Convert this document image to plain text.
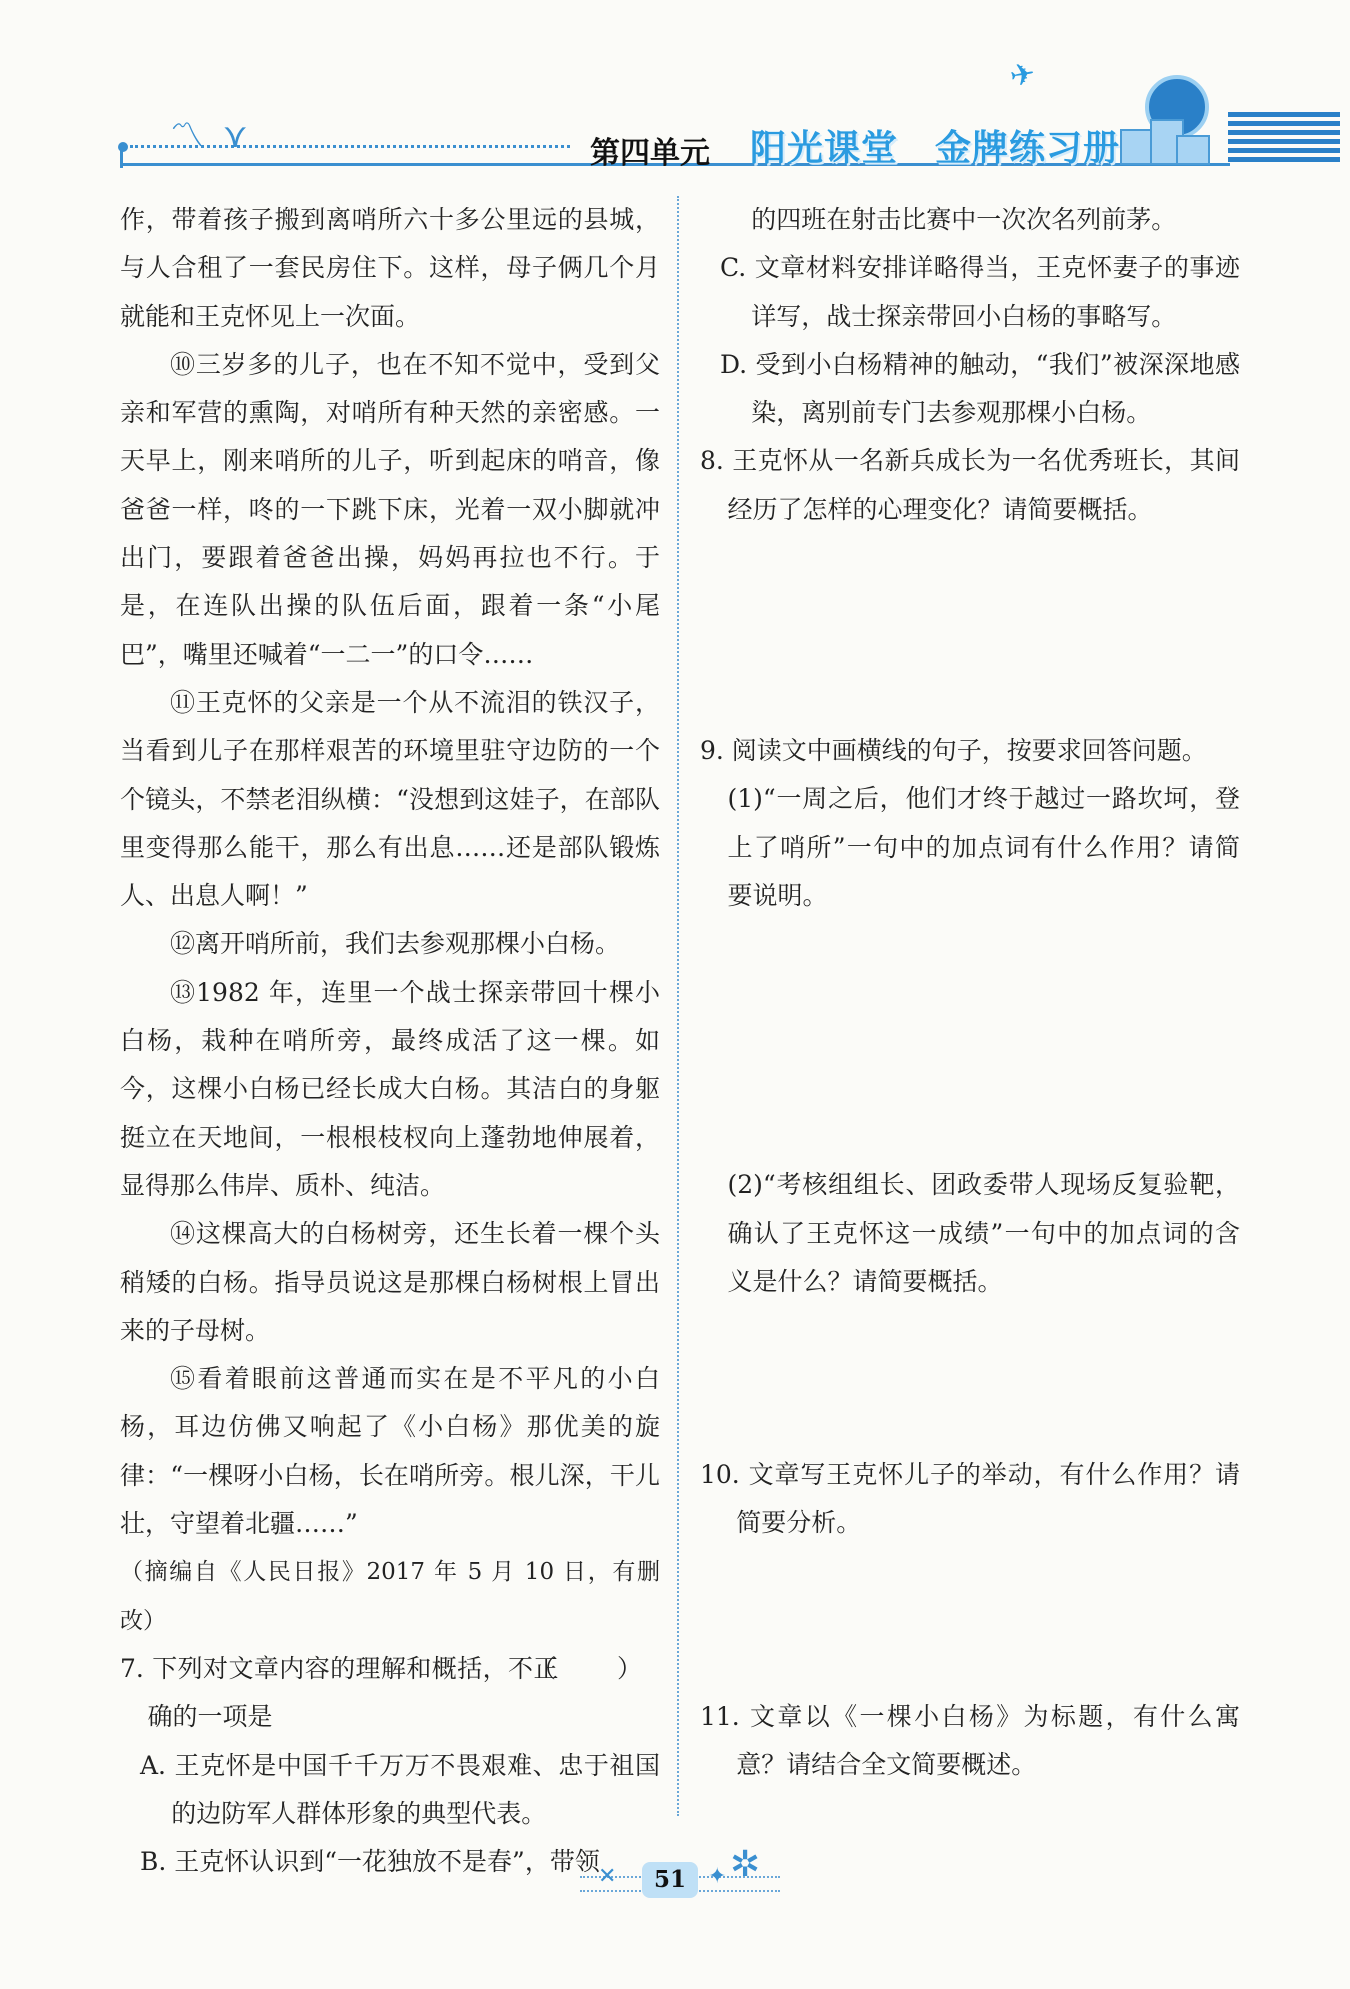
〽 ⋎	第四单元 阳光课堂　金牌练习册
✈

作，带着孩子搬到离哨所六十多公里远的县城，与人合租了一套民房住下。这样，母子俩几个月就能和王克怀见上一次面。

⑩三岁多的儿子，也在不知不觉中，受到父亲和军营的熏陶，对哨所有种天然的亲密感。一天早上，刚来哨所的儿子，听到起床的哨音，像爸爸一样，咚的一下跳下床，光着一双小脚就冲出门，要跟着爸爸出操，妈妈再拉也不行。于是，在连队出操的队伍后面，跟着一条“小尾巴”，嘴里还喊着“一二一”的口令……

⑪王克怀的父亲是一个从不流泪的铁汉子，当看到儿子在那样艰苦的环境里驻守边防的一个个镜头，不禁老泪纵横：“没想到这娃子，在部队里变得那么能干，那么有出息……还是部队锻炼人、出息人啊！”

⑫离开哨所前，我们去参观那棵小白杨。

⑬1982 年，连里一个战士探亲带回十棵小白杨，栽种在哨所旁，最终成活了这一棵。如今，这棵小白杨已经长成大白杨。其洁白的身躯挺立在天地间，一根根枝杈向上蓬勃地伸展着，显得那么伟岸、质朴、纯洁。

⑭这棵高大的白杨树旁，还生长着一棵个头稍矮的白杨。指导员说这是那棵白杨树根上冒出来的子母树。

⑮看着眼前这普通而实在是不平凡的小白杨，耳边仿佛又响起了《小白杨》那优美的旋律：“一棵呀小白杨，长在哨所旁。根儿深，干儿壮，守望着北疆……”

（摘编自《人民日报》2017 年 5 月 10 日，有删改）

（　）
7. 下列对文章内容的理解和概括，不正确的一项是

A. 王克怀是中国千千万万不畏艰难、忠于祖国的边防军人群体形象的典型代表。

B. 王克怀认识到“一花独放不是春”，带领

的四班在射击比赛中一次次名列前茅。

C. 文章材料安排详略得当，王克怀妻子的事迹详写，战士探亲带回小白杨的事略写。

D. 受到小白杨精神的触动，“我们”被深深地感染，离别前专门去参观那棵小白杨。

8. 王克怀从一名新兵成长为一名优秀班长，其间经历了怎样的心理变化？请简要概括。

9. 阅读文中画横线的句子，按要求回答问题。

(1)“一周之后，他们才终于越过一路坎坷，登上了哨所”一句中的加点词有什么作用？请简要说明。

(2)“考核组组长、团政委带人现场反复验靶，确认了王克怀这一成绩”一句中的加点词的含义是什么？请简要概括。

10. 文章写王克怀儿子的举动，有什么作用？请简要分析。

11. 文章以《一棵小白杨》为标题，有什么寓意？请结合全文简要概述。

✕	✦
51	✲
